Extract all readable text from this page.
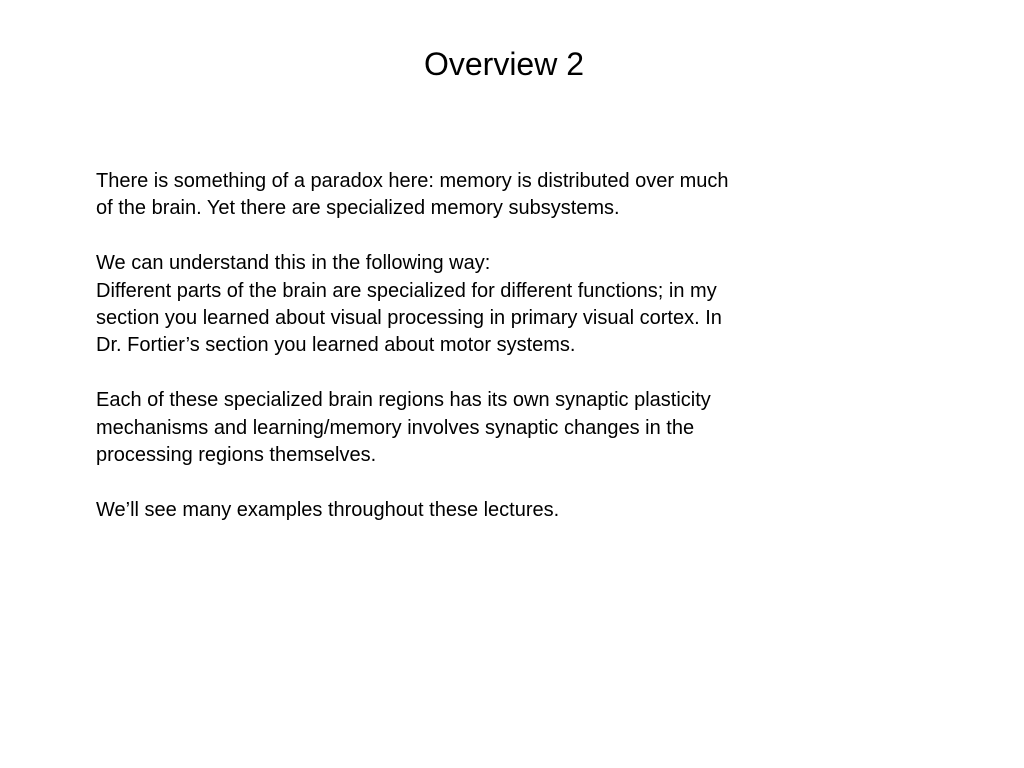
Overview 2

There is something of a paradox here: memory is distributed over much
of the brain. Yet there are specialized memory subsystems.

We can understand this in the following way:
Different parts of the brain are specialized for different functions; in my
section you learned about visual processing in primary visual cortex. In
Dr. Fortier’s section you learned about motor systems.

Each of these specialized brain regions has its own synaptic plasticity
mechanisms and learning/memory involves synaptic changes in the
processing regions themselves.

We’ll see many examples throughout these lectures.
